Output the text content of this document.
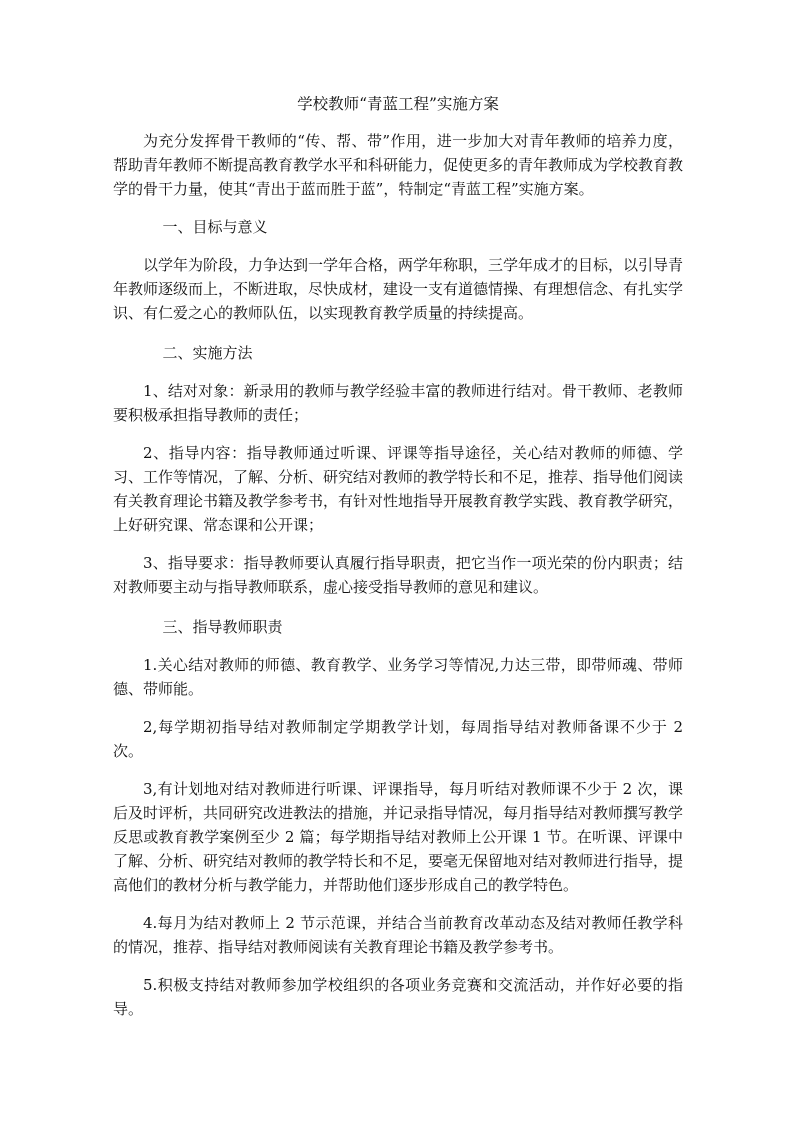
学校教师“青蓝工程”实施方案

为充分发挥骨干教师的“传、帮、带”作用，进一步加大对青年教师的培养力度，帮助青年教师不断提高教育教学水平和科研能力，促使更多的青年教师成为学校教育教学的骨干力量，使其“青出于蓝而胜于蓝”，特制定“青蓝工程”实施方案。

一、目标与意义

以学年为阶段，力争达到一学年合格，两学年称职，三学年成才的目标，以引导青年教师逐级而上，不断进取，尽快成材，建设一支有道德情操、有理想信念、有扎实学识、有仁爱之心的教师队伍，以实现教育教学质量的持续提高。

二、实施方法

1、结对对象：新录用的教师与教学经验丰富的教师进行结对。骨干教师、老教师要积极承担指导教师的责任；

2、指导内容：指导教师通过听课、评课等指导途径，关心结对教师的师德、学习、工作等情况，了解、分析、研究结对教师的教学特长和不足，推荐、指导他们阅读有关教育理论书籍及教学参考书，有针对性地指导开展教育教学实践、教育教学研究，上好研究课、常态课和公开课；

3、指导要求：指导教师要认真履行指导职责，把它当作一项光荣的份内职责；结对教师要主动与指导教师联系，虚心接受指导教师的意见和建议。

三、指导教师职责

1.关心结对教师的师德、教育教学、业务学习等情况,力达三带，即带师魂、带师德、带师能。

2,每学期初指导结对教师制定学期教学计划，每周指导结对教师备课不少于 2 次。

3,有计划地对结对教师进行听课、评课指导，每月听结对教师课不少于 2 次，课后及时评析，共同研究改进教法的措施，并记录指导情况，每月指导结对教师撰写教学反思或教育教学案例至少 2 篇；每学期指导结对教师上公开课 1 节。在听课、评课中了解、分析、研究结对教师的教学特长和不足，要毫无保留地对结对教师进行指导，提高他们的教材分析与教学能力，并帮助他们逐步形成自己的教学特色。

4.每月为结对教师上 2 节示范课，并结合当前教育改革动态及结对教师任教学科的情况，推荐、指导结对教师阅读有关教育理论书籍及教学参考书。

5.积极支持结对教师参加学校组织的各项业务竞赛和交流活动，并作好必要的指导。
